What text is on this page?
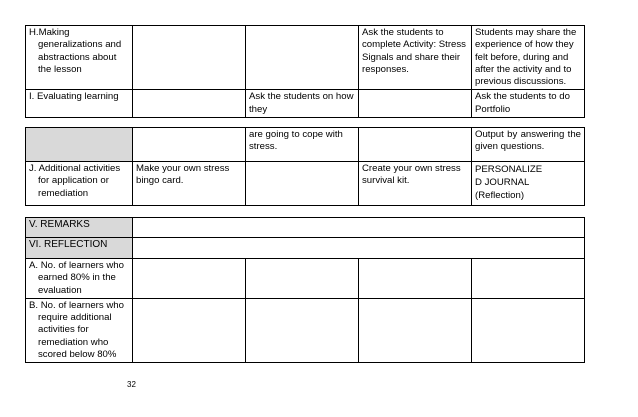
H.Making generalizations and abstractions about the lesson			Ask the students to complete Activity: Stress Signals and share their responses.	Students may share the experience of how they felt before, during and after the activity and to previous discussions.
I. Evaluating learning		Ask the students on how they		Ask the students to do Portfolio
		are going to cope with stress.		Output by answering the given questions.

J. Additional activities for application or remediation	Make your own stress bingo card.		Create your own stress survival kit.	PERSONALIZED JOURNAL
(Reflection)
V. REMARKS				
VI. REFLECTION				

A. No. of learners who earned 80% in the evaluation				

B. No. of learners who require additional activities for remediation who scored below 80%				

32
